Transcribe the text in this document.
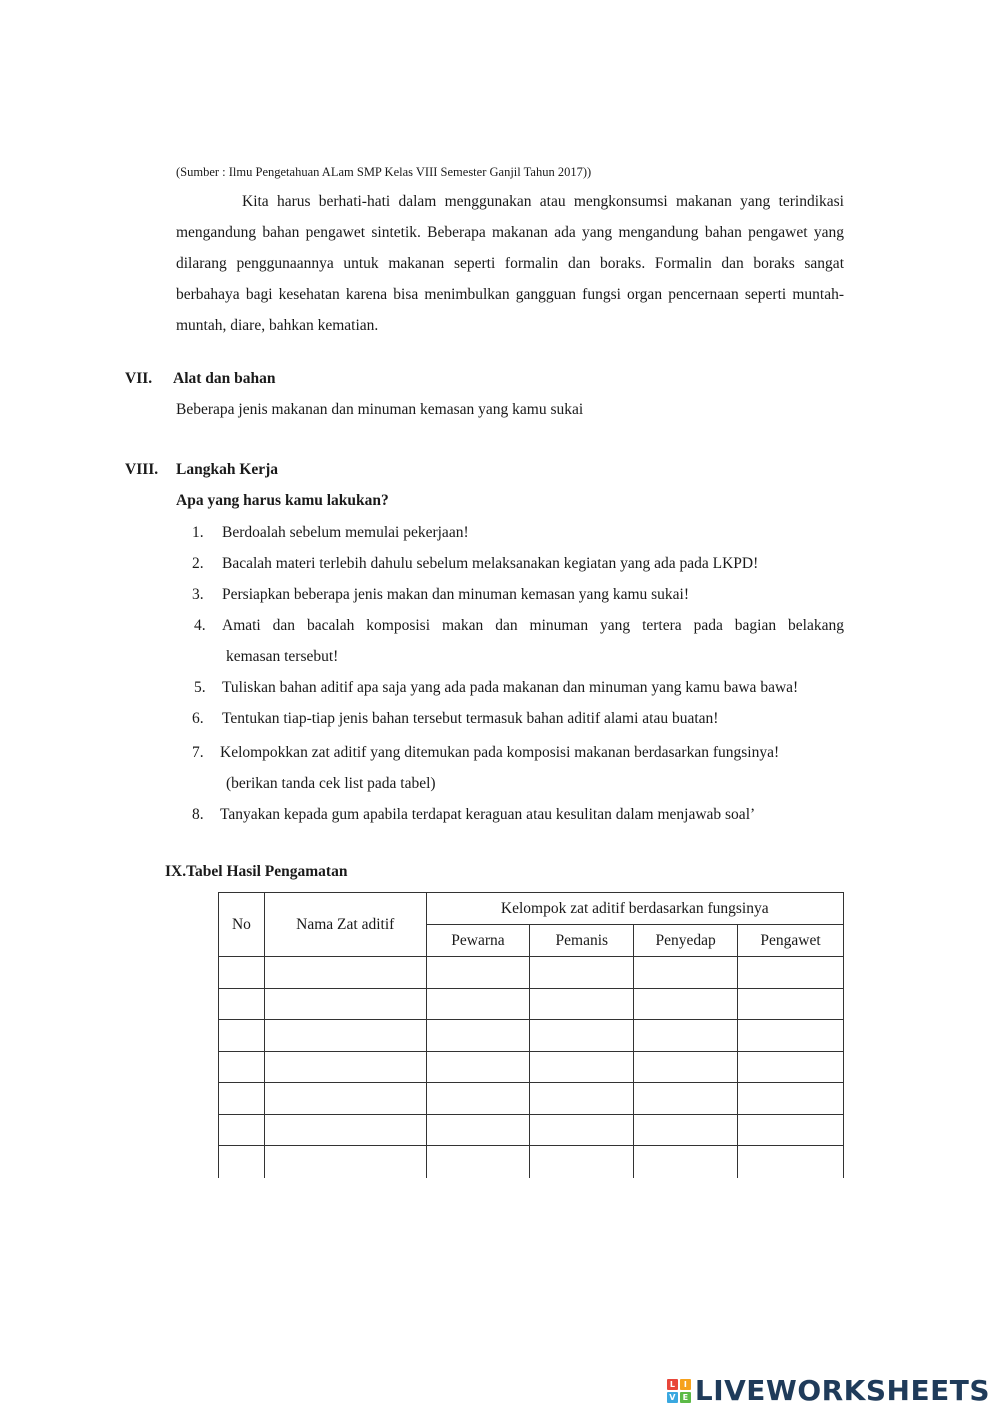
(Sumber : Ilmu Pengetahuan ALam SMP Kelas VIII Semester Ganjil Tahun 2017))

Kita harus berhati-hati dalam menggunakan atau mengkonsumsi makanan yang terindikasi mengandung bahan pengawet sintetik. Beberapa makanan ada yang mengandung bahan pengawet yang dilarang penggunaannya untuk makanan seperti formalin dan boraks. Formalin dan boraks sangat berbahaya bagi kesehatan karena bisa menimbulkan gangguan fungsi organ pencernaan seperti muntah-muntah, diare, bahkan kematian.

VII. Alat dan bahan
Beberapa jenis makanan dan minuman kemasan yang kamu sukai
VIII. Langkah Kerja
Apa yang harus kamu lakukan?
1.	Berdoalah sebelum memulai pekerjaan!
2.	Bacalah materi terlebih dahulu sebelum melaksanakan kegiatan yang ada pada LKPD!
3.	Persiapkan beberapa jenis makan dan minuman kemasan yang kamu sukai!
4.	Amati dan bacalah komposisi makan dan minuman yang tertera pada bagian belakang
kemasan tersebut!
5.	Tuliskan bahan aditif apa saja yang ada pada makanan dan minuman yang kamu bawa bawa!
6.	Tentukan tiap-tiap jenis bahan tersebut termasuk bahan aditif alami atau buatan!
7.	Kelompokkan zat aditif yang ditemukan pada komposisi makanan berdasarkan fungsinya!
(berikan tanda cek list pada tabel)
8.	Tanyakan kepada gum apabila terdapat keraguan atau kesulitan dalam menjawab soal’
IX.Tabel Hasil Pengamatan
No	Nama Zat aditif	Kelompok zat aditif berdasarkan fungsinya			
		Pewarna	Pemanis	Penyedap	Pengawet

L	I
V E LIVEWORKSHEETS
